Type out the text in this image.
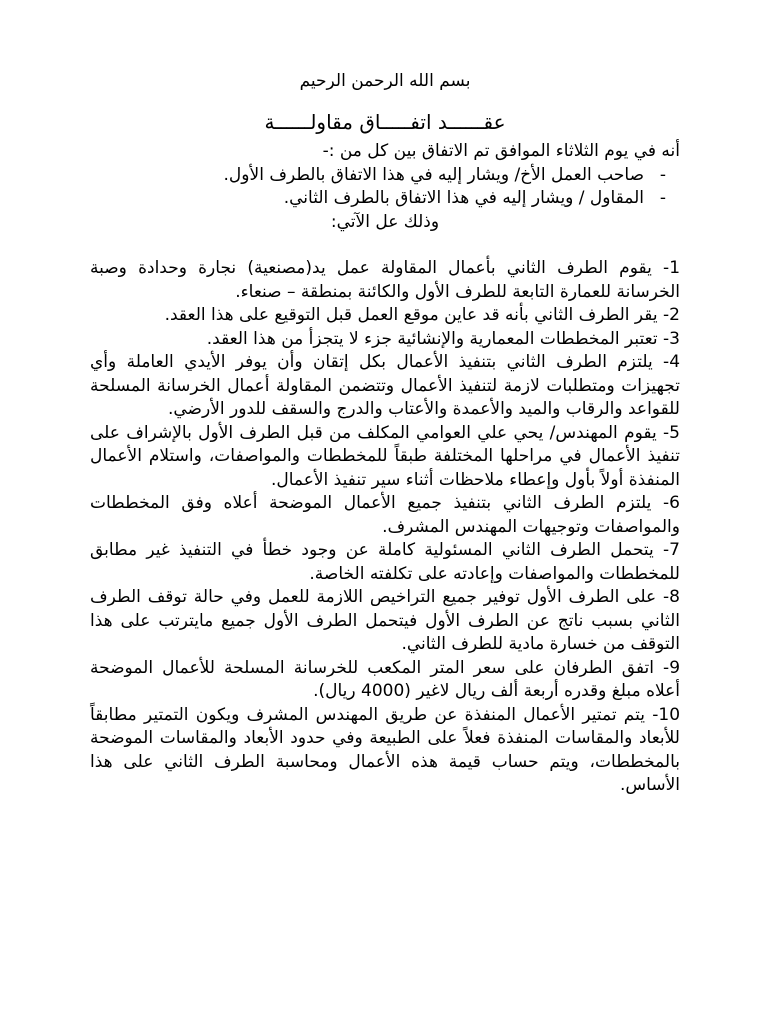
بسم الله الرحمن الرحيم

عقــــــد اتفـــــاق مقاولــــــة

أنه في يوم الثلاثاء الموافق تم الاتفاق بين كل من :-

-صاحب العمل الأخ/ ويشار إليه في هذا الاتفاق بالطرف الأول.

-المقاول / ويشار إليه في هذا الاتفاق بالطرف الثاني.

وذلك عل الآتي:

1- يقوم الطرف الثاني بأعمال المقاولة عمل يد(مصنعية) نجارة وحدادة وصبة الخرسانة للعمارة التابعة للطرف الأول والكائنة بمنطقة – صنعاء.

2- يقر الطرف الثاني بأنه قد عاين موقع العمل قبل التوقيع على هذا العقد.

3- تعتبر المخططات المعمارية والإنشائية جزء لا يتجزأ من هذا العقد.

4- يلتزم الطرف الثاني بتنفيذ الأعمال بكل إتقان وأن يوفر الأيدي العاملة وأي تجهيزات ومتطلبات لازمة لتنفيذ الأعمال وتتضمن المقاولة أعمال الخرسانة المسلحة للقواعد والرقاب والميد والأعمدة والأعتاب والدرج والسقف للدور الأرضي.

5- يقوم المهندس/ يحي علي العوامي المكلف من قبل الطرف الأول بالإشراف على تنفيذ الأعمال في مراحلها المختلفة طبقاً للمخططات والمواصفات، واستلام الأعمال المنفذة أولاً بأول وإعطاء ملاحظات أثناء سير تنفيذ الأعمال.

6- يلتزم الطرف الثاني بتنفيذ جميع الأعمال الموضحة أعلاه وفق المخططات والمواصفات وتوجيهات المهندس المشرف.

7- يتحمل الطرف الثاني المسئولية كاملة عن وجود خطأ في التنفيذ غير مطابق للمخططات والمواصفات وإعادته على تكلفته الخاصة.

8- على الطرف الأول توفير جميع التراخيص اللازمة للعمل وفي حالة توقف الطرف الثاني بسبب ناتج عن الطرف الأول فيتحمل الطرف الأول جميع مايترتب على هذا التوقف من خسارة مادية للطرف الثاني.

9- اتفق الطرفان على سعر المتر المكعب للخرسانة المسلحة للأعمال الموضحة أعلاه مبلغ وقدره أربعة ألف ريال لاغير (4000 ريال).

10- يتم تمتير الأعمال المنفذة عن طريق المهندس المشرف ويكون التمتير مطابقاً للأبعاد والمقاسات المنفذة فعلاً على الطبيعة وفي حدود الأبعاد والمقاسات الموضحة بالمخططات، ويتم حساب قيمة هذه الأعمال ومحاسبة الطرف الثاني على هذا الأساس.
